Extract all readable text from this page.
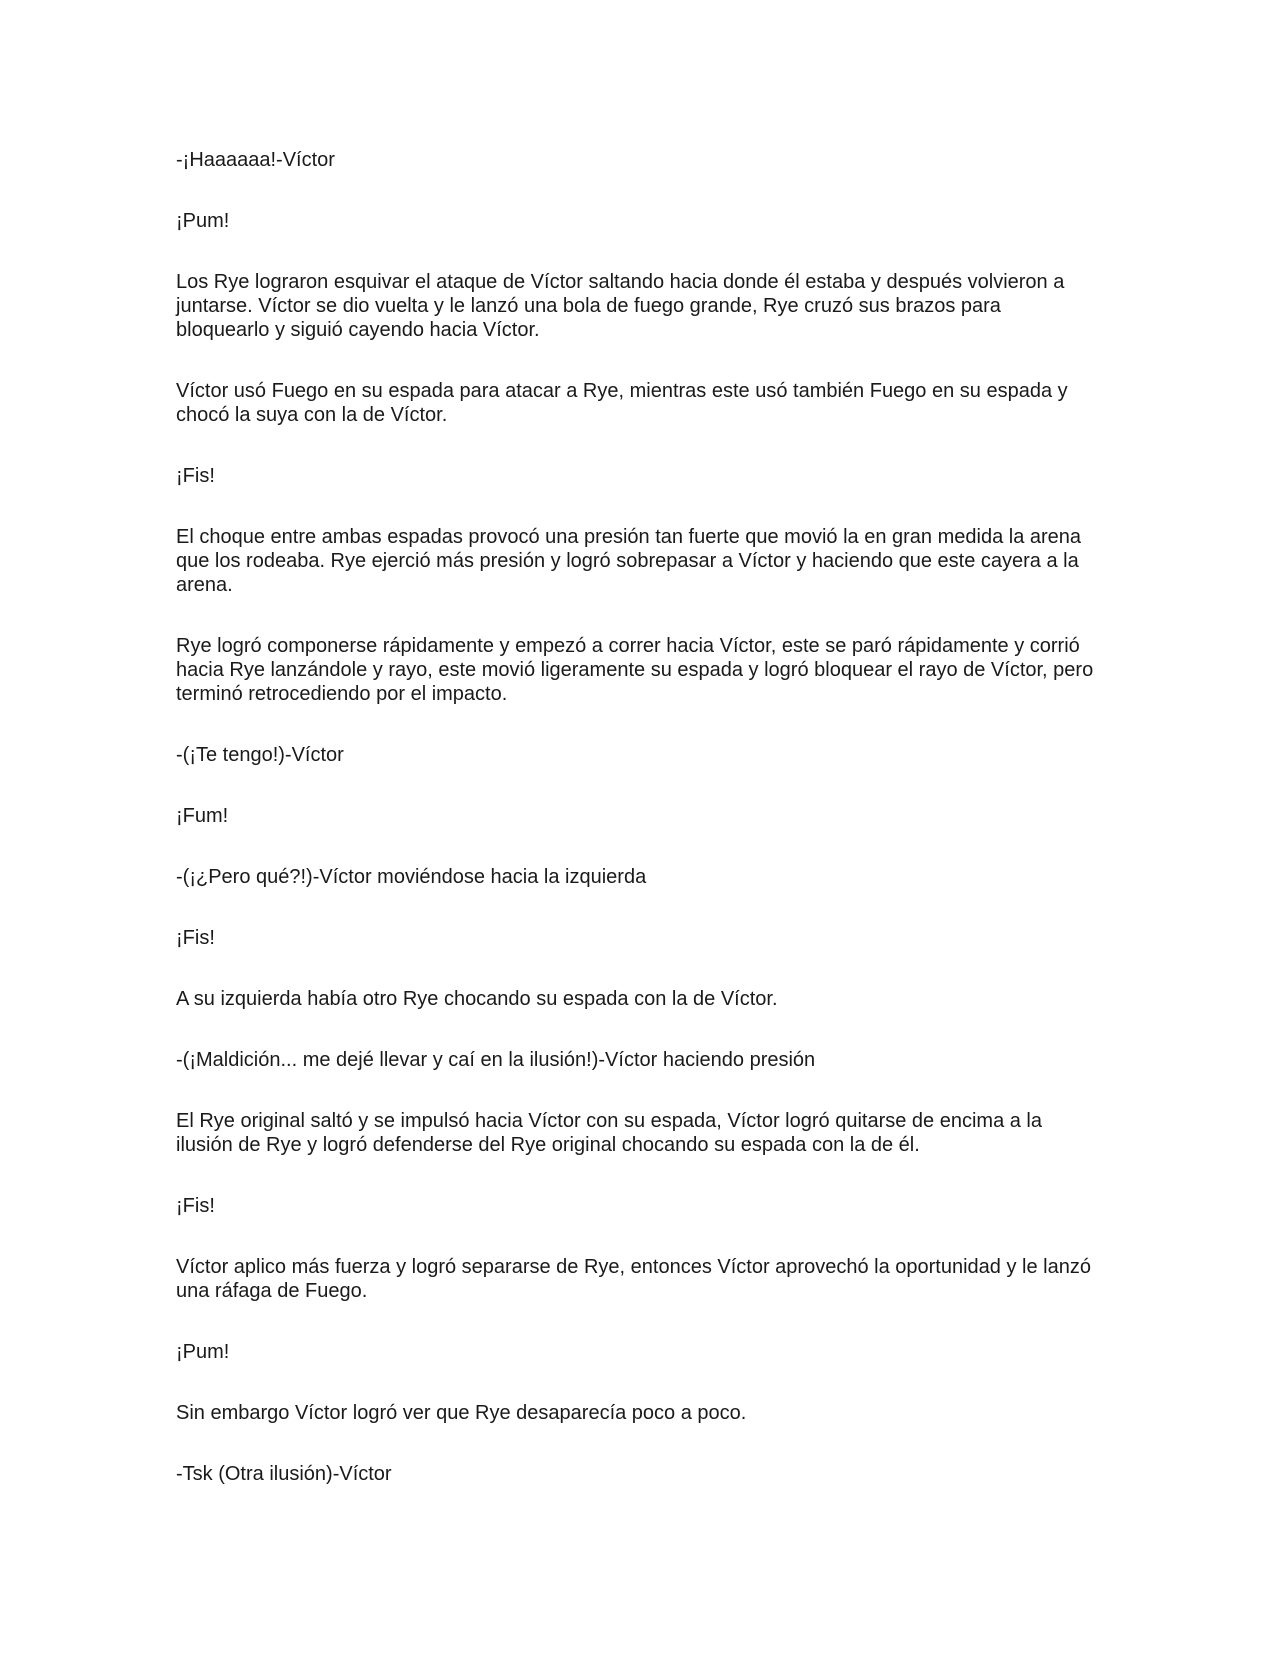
-¡Haaaaaa!-Víctor

¡Pum!

Los Rye lograron esquivar el ataque de Víctor saltando hacia donde él estaba y después volvieron a juntarse. Víctor se dio vuelta y le lanzó una bola de fuego grande, Rye cruzó sus brazos para bloquearlo y siguió cayendo hacia Víctor.

Víctor usó Fuego en su espada para atacar a Rye, mientras este usó también Fuego en su espada y chocó la suya con la de Víctor.

¡Fis!

El choque entre ambas espadas provocó una presión tan fuerte que movió la en gran medida la arena que los rodeaba. Rye ejerció más presión y logró sobrepasar a Víctor y haciendo que este cayera a la arena.

Rye logró componerse rápidamente y empezó a correr hacia Víctor, este se paró rápidamente y corrió hacia Rye lanzándole y rayo, este movió ligeramente su espada y logró bloquear el rayo de Víctor, pero terminó retrocediendo por el impacto.

-(¡Te tengo!)-Víctor

¡Fum!

-(¡¿Pero qué?!)-Víctor moviéndose hacia la izquierda

¡Fis!

A su izquierda había otro Rye chocando su espada con la de Víctor.

-(¡Maldición... me dejé llevar y caí en la ilusión!)-Víctor haciendo presión

El Rye original saltó y se impulsó hacia Víctor con su espada, Víctor logró quitarse de encima a la ilusión de Rye y logró defenderse del Rye original chocando su espada con la de él.

¡Fis!

Víctor aplico más fuerza y logró separarse de Rye, entonces Víctor aprovechó la oportunidad y le lanzó una ráfaga de Fuego.

¡Pum!

Sin embargo Víctor logró ver que Rye desaparecía poco a poco.

-Tsk (Otra ilusión)-Víctor
